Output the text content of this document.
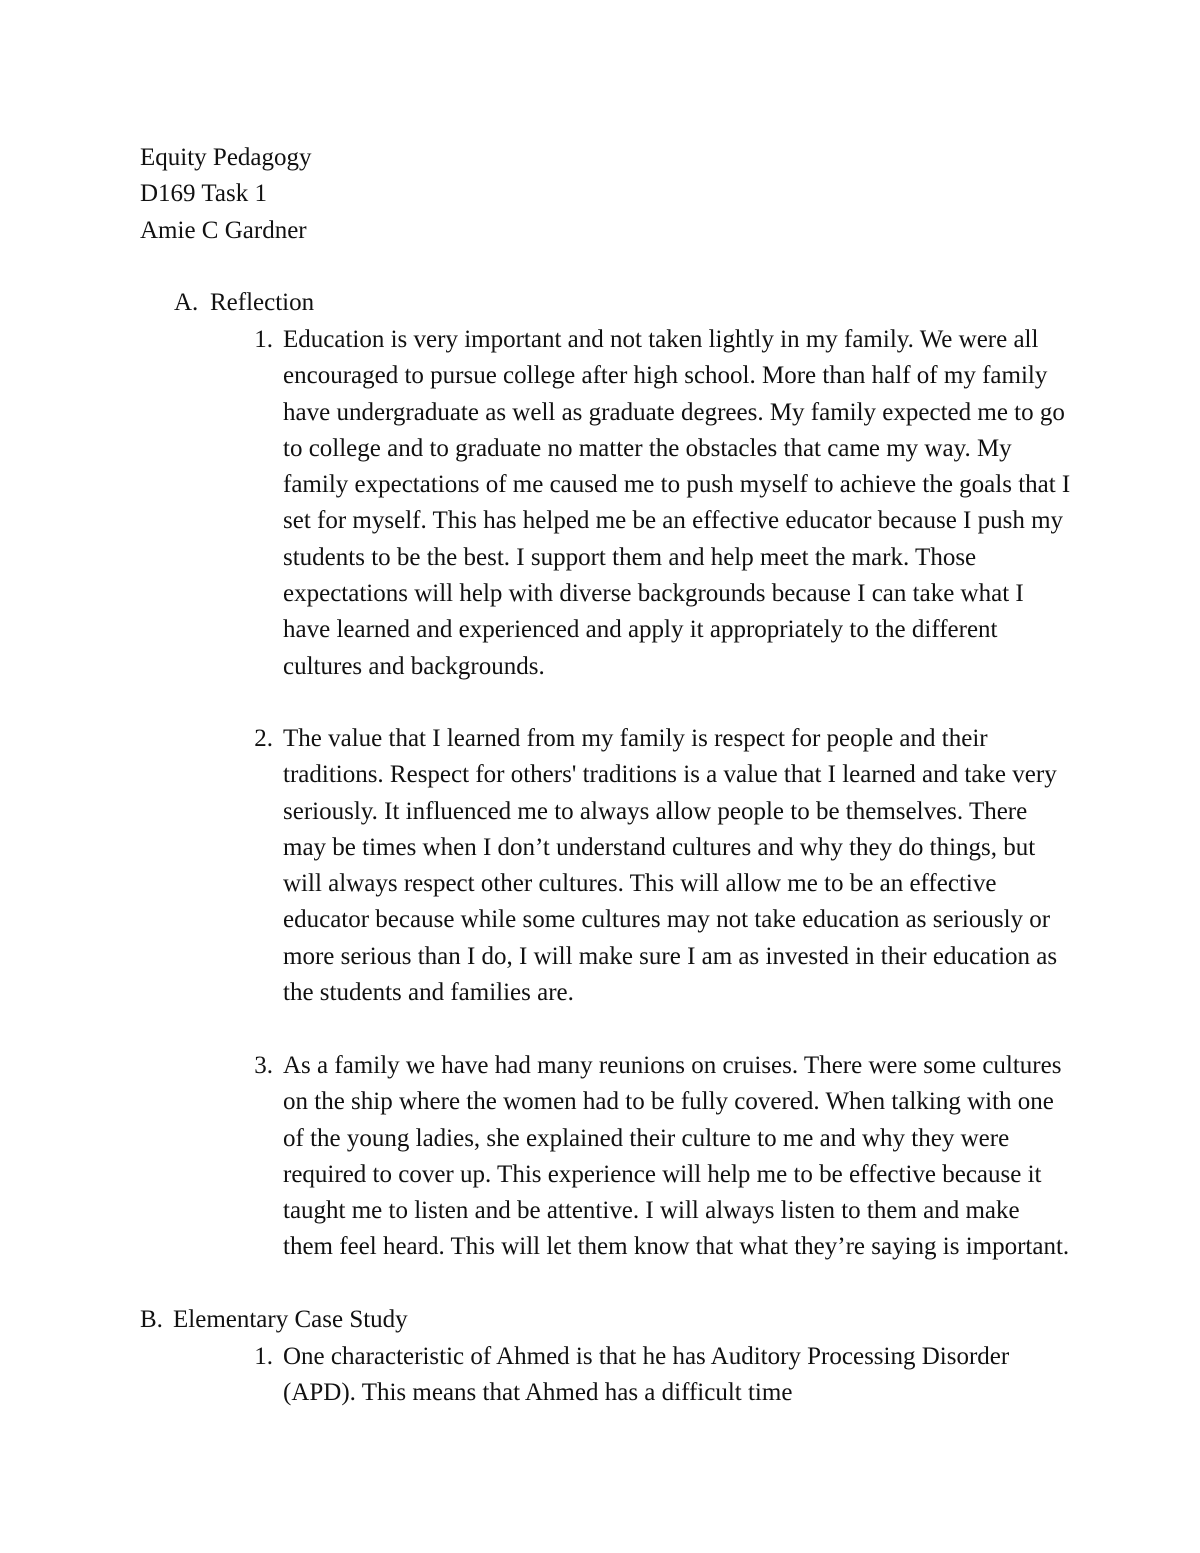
Equity Pedagogy
D169 Task 1
Amie C Gardner
A. Reflection
1. Education is very important and not taken lightly in my family. We were all encouraged to pursue college after high school. More than half of my family have undergraduate as well as graduate degrees. My family expected me to go to college and to graduate no matter the obstacles that came my way. My family expectations of me caused me to push myself to achieve the goals that I set for myself. This has helped me be an effective educator because I push my students to be the best. I support them and help meet the mark. Those expectations will help with diverse backgrounds because I can take what I have learned and experienced and apply it appropriately to the different cultures and backgrounds.
2. The value that I learned from my family is respect for people and their traditions. Respect for others' traditions is a value that I learned and take very seriously. It influenced me to always allow people to be themselves. There may be times when I don’t understand cultures and why they do things, but will always respect other cultures. This will allow me to be an effective educator because while some cultures may not take education as seriously or more serious than I do, I will make sure I am as invested in their education as the students and families are.
3. As a family we have had many reunions on cruises. There were some cultures on the ship where the women had to be fully covered. When talking with one of the young ladies, she explained their culture to me and why they were required to cover up. This experience will help me to be effective because it taught me to listen and be attentive. I will always listen to them and make them feel heard. This will let them know that what they’re saying is important.
B. Elementary Case Study
1. One characteristic of Ahmed is that he has Auditory Processing Disorder (APD). This means that Ahmed has a difficult time
